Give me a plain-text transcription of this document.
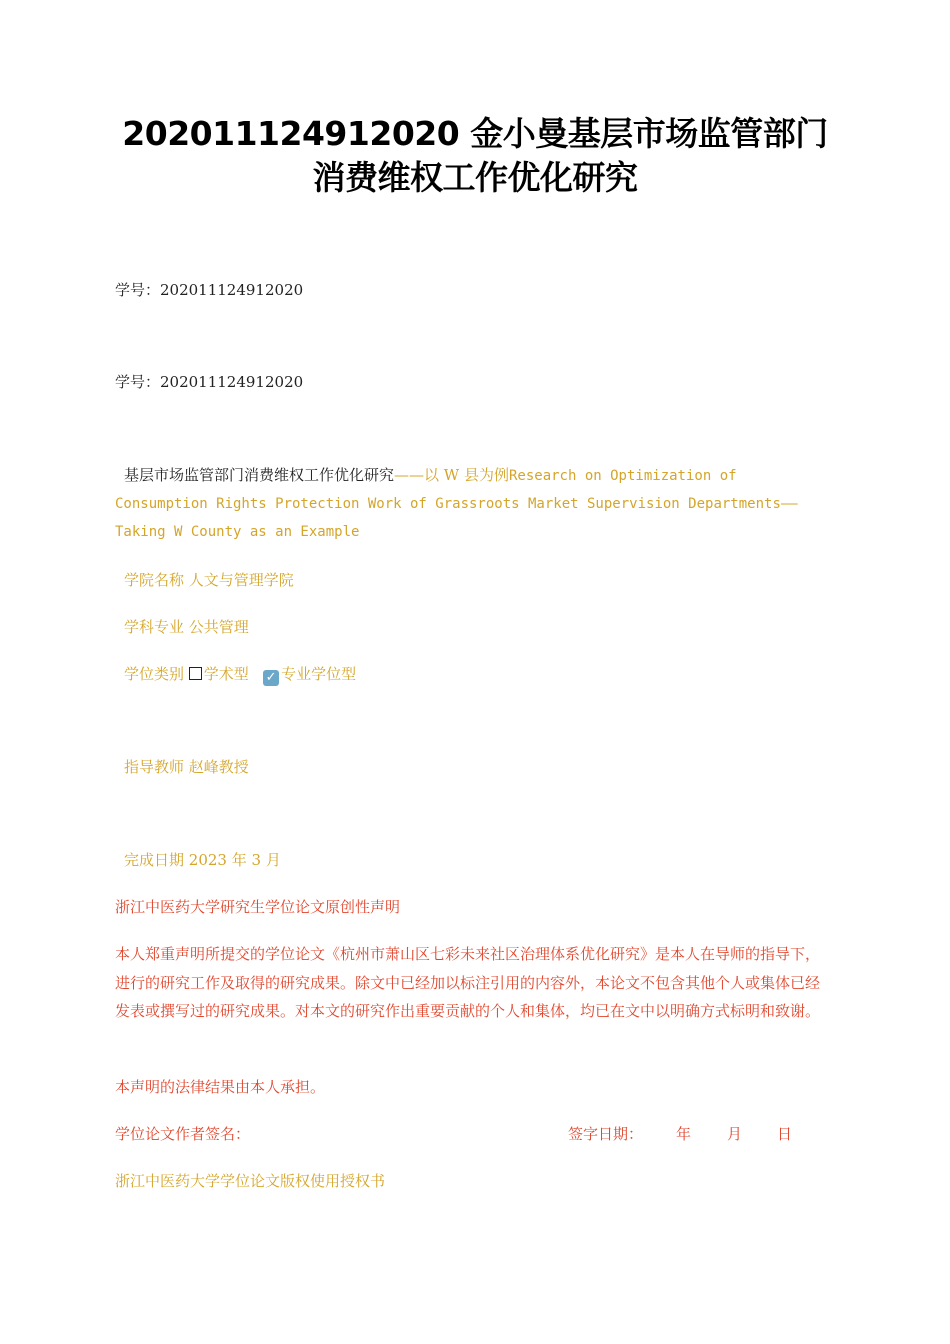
202011124912020 金小曼基层市场监管部门
消费维权工作优化研究
学号：202011124912020
学号：202011124912020
基层市场监管部门消费维权工作优化研究——以 W 县为例Research on Optimization of
Consumption Rights Protection Work of Grassroots Market Supervision Departments——
Taking W County as an Example
学院名称 人文与管理学院
学科专业 公共管理
学位类别 学术型 ✓ 专业学位型
指导教师 赵峰教授
完成日期 2023 年 3 月
浙江中医药大学研究生学位论文原创性声明
本人郑重声明所提交的学位论文《杭州市萧山区七彩未来社区治理体系优化研究》是本人在导师的指导下，进行的研究工作及取得的研究成果。除文中已经加以标注引用的内容外，本论文不包含其他个人或集体已经发表或撰写过的研究成果。对本文的研究作出重要贡献的个人和集体，均已在文中以明确方式标明和致谢。
本声明的法律结果由本人承担。
学位论文作者签名：	签字日期： 年 月 日
浙江中医药大学学位论文版权使用授权书
